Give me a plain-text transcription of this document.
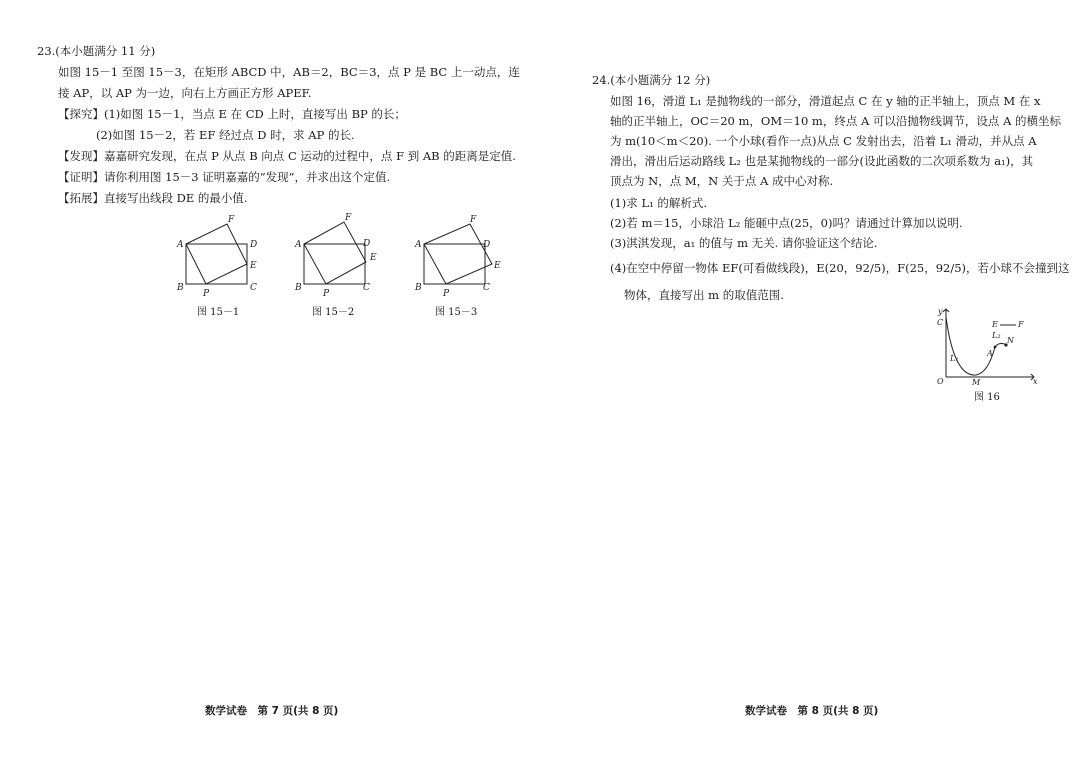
23.(本小题满分 11 分)
如图 15－1 至图 15－3，在矩形 ABCD 中，AB＝2，BC＝3，点 P 是 BC 上一动点，连
接 AP，以 AP 为一边，向右上方画正方形 APEF.
【探究】(1)如图 15－1，当点 E 在 CD 上时，直接写出 BP 的长；
(2)如图 15－2，若 EF 经过点 D 时，求 AP 的长.
【发现】嘉嘉研究发现，在点 P 从点 B 向点 C 运动的过程中，点 F 到 AB 的距离是定值.
【证明】请你利用图 15－3 证明嘉嘉的“发现”，并求出这个定值.
【拓展】直接写出线段 DE 的最小值.
A
B	C
D
E
F
P
图 15－1
A
B	C
D
E
F
P
图 15－2
A
B	C
D
E
F
P
图 15－3
数学试卷　第 7 页(共 8 页)
24.(本小题满分 12 分)
如图 16，滑道 L₁ 是抛物线的一部分，滑道起点 C 在 y 轴的正半轴上，顶点 M 在 x
轴的正半轴上，OC＝20 m，OM＝10 m，终点 A 可以沿抛物线调节，设点 A 的横坐标
为 m(10＜m＜20). 一个小球(看作一点)从点 C 发射出去，沿着 L₁ 滑动，并从点 A
滑出，滑出后运动路线 L₂ 也是某抛物线的一部分(设此函数的二次项系数为 a₁)，其
顶点为 N，点 M，N 关于点 A 成中心对称.
(1)求 L₁ 的解析式.
(2)若 m＝15，小球沿 L₂ 能砸中点(25，0)吗？请通过计算加以说明.
(3)淇淇发现，a₁ 的值与 m 无关. 请你验证这个结论.
(4)在空中停留一物体 EF(可看做线段)，E(20，92/5)，F(25，92/5)，若小球不会撞到这
物体，直接写出 m 的取值范围.
y
C
O	M	x
A
N
E	F
L₁
L₂
图 16
数学试卷　第 8 页(共 8 页)
